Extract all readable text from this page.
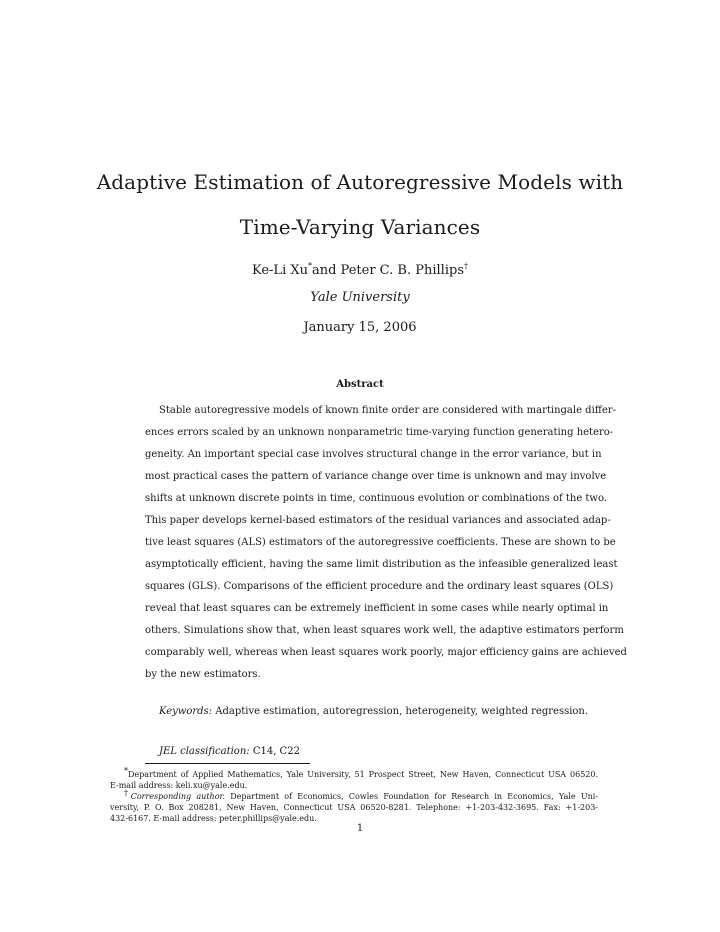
Adaptive Estimation of Autoregressive Models with
Time-Varying Variances
Ke-Li Xu*and Peter C. B. Phillips†
Yale University
January 15, 2006
Abstract
Stable autoregressive models of known finite order are considered with martingale differ-
ences errors scaled by an unknown nonparametric time-varying function generating hetero-
geneity. An important special case involves structural change in the error variance, but in
most practical cases the pattern of variance change over time is unknown and may involve
shifts at unknown discrete points in time, continuous evolution or combinations of the two.
This paper develops kernel-based estimators of the residual variances and associated adap-
tive least squares (ALS) estimators of the autoregressive coefficients. These are shown to be
asymptotically efficient, having the same limit distribution as the infeasible generalized least
squares (GLS). Comparisons of the efficient procedure and the ordinary least squares (OLS)
reveal that least squares can be extremely inefficient in some cases while nearly optimal in
others. Simulations show that, when least squares work well, the adaptive estimators perform
comparably well, whereas when least squares work poorly, major efficiency gains are achieved
by the new estimators.
Keywords: Adaptive estimation, autoregression, heterogeneity, weighted regression.
JEL classification: C14, C22
*Department of Applied Mathematics, Yale University, 51 Prospect Street, New Haven, Connecticut USA 06520.
E-mail address: keli.xu@yale.edu.
†Corresponding author. Department of Economics, Cowles Foundation for Research in Economics, Yale Uni-
versity, P. O. Box 208281, New Haven, Connecticut USA 06520-8281. Telephone: +1-203-432-3695. Fax: +1-203-
432-6167. E-mail address: peter.phillips@yale.edu.
1
